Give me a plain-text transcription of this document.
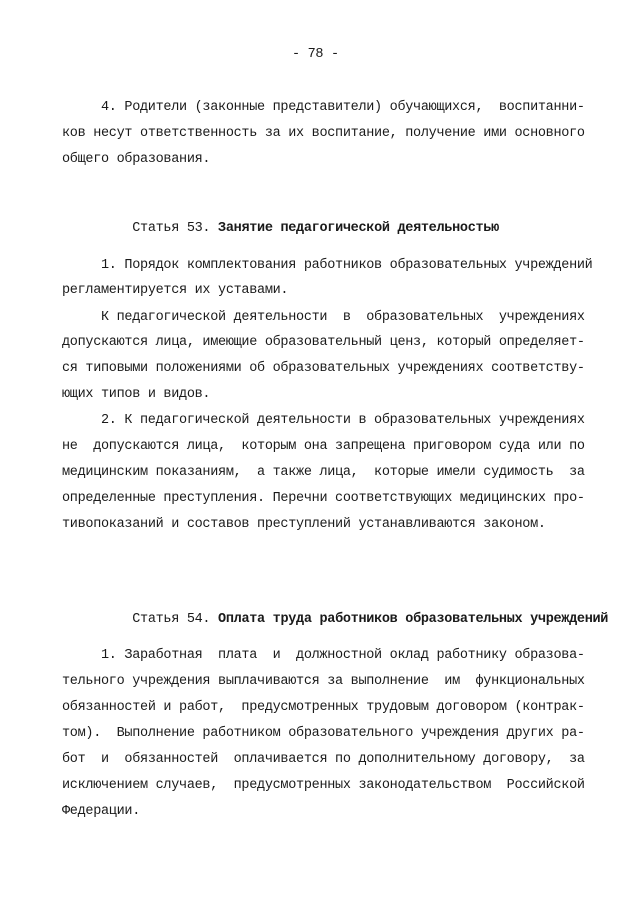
- 78 -
4. Родители (законные представители) обучающихся,  воспитанни-
ков несут ответственность за их воспитание, получение ими основного
общего образования.

Статья 53. Занятие педагогической деятельностью

1. Порядок комплектования работников образовательных учреждений
регламентируется их уставами.
К педагогической деятельности  в  образовательных  учреждениях
допускаются лица, имеющие образовательный ценз, который определяет-
ся типовыми положениями об образовательных учреждениях соответству-
ющих типов и видов.
2. К педагогической деятельности в образовательных учреждениях
не  допускаются лица,  которым она запрещена приговором суда или по
медицинским показаниям,  а также лица,  которые имели судимость  за
определенные преступления. Перечни соответствующих медицинских про-
тивопоказаний и составов преступлений устанавливаются законом.

Статья 54. Оплата труда работников образовательных учреждений

1. Заработная  плата  и  должностной оклад работнику образова-
тельного учреждения выплачиваются за выполнение  им  функциональных
обязанностей и работ,  предусмотренных трудовым договором (контрак-
том).  Выполнение работником образовательного учреждения других ра-
бот  и  обязанностей  оплачивается по дополнительному договору,  за
исключением случаев,  предусмотренных законодательством  Российской
Федерации.
